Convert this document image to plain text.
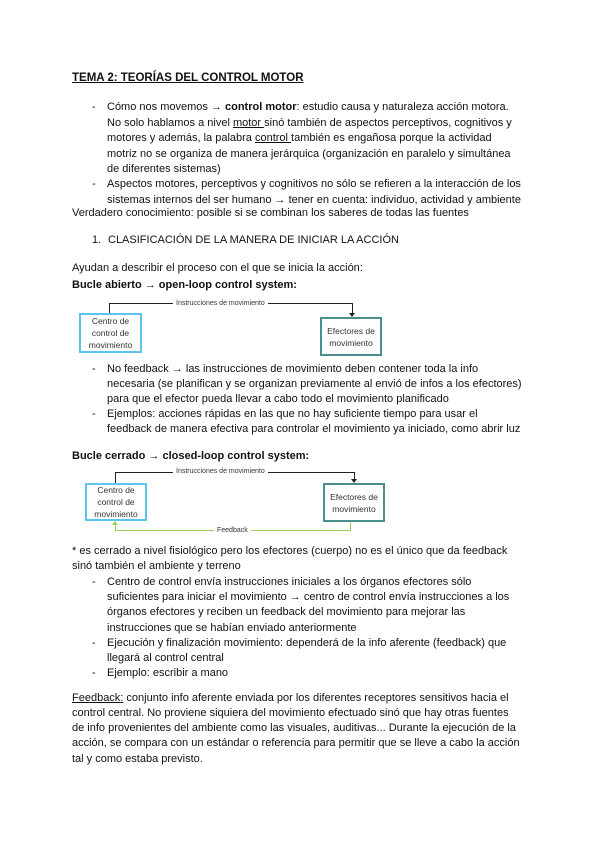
TEMA 2: TEORÍAS DEL CONTROL MOTOR
- Cómo nos movemos → control motor: estudio causa y naturaleza acción motora.
No solo hablamos a nivel motor sinó también de aspectos perceptivos, cognitivos y
motores y además, la palabra control también es engañosa porque la actividad
motriz no se organiza de manera jerárquica (organización en paralelo y simultánea
de diferentes sistemas)
- Aspectos motores, perceptivos y cognitivos no sólo se refieren a la interacción de los
sistemas internos del ser humano → tener en cuenta: individuo, actividad y ambiente
Verdadero conocimiento: posible si se combinan los saberes de todas las fuentes
1. CLASIFICACIÓN DE LA MANERA DE INICIAR LA ACCIÓN
Ayudan a describir el proceso con el que se inicia la acción:
Bucle abierto → open-loop control system:
Instrucciones de movimiento
Centro de control de movimiento
Efectores de movimiento
- No feedback → las instrucciones de movimiento deben contener toda la info
necesaria (se planifican y se organizan previamente al envió de infos a los efectores)
para que el efector pueda llevar a cabo todo el movimiento planificado
- Ejemplos: acciones rápidas en las que no hay suficiente tiempo para usar el
feedback de manera efectiva para controlar el movimiento ya iniciado, como abrir luz
Bucle cerrado → closed-loop control system:
Instrucciones de movimiento
Centro de control de movimiento
Efectores de movimiento
Feedback
* es cerrado a nivel fisiológico pero los efectores (cuerpo) no es el único que da feedback
sinó también el ambiente y terreno
- Centro de control envía instrucciones iniciales a los órganos efectores sólo
suficientes para iniciar el movimiento → centro de control envía instrucciones a los
órganos efectores y reciben un feedback del movimiento para mejorar las
instrucciones que se habían enviado anteriormente
- Ejecución y finalización movimiento: dependerá de la info aferente (feedback) que
llegará al control central
- Ejemplo: escribir a mano
Feedback: conjunto info aferente enviada por los diferentes receptores sensitivos hacia el
control central. No proviene siquiera del movimiento efectuado sinó que hay otras fuentes
de info provenientes del ambiente como las visuales, auditivas... Durante la ejecución de la
acción, se compara con un estándar o referencia para permitir que se lleve a cabo la acción
tal y como estaba previsto.
